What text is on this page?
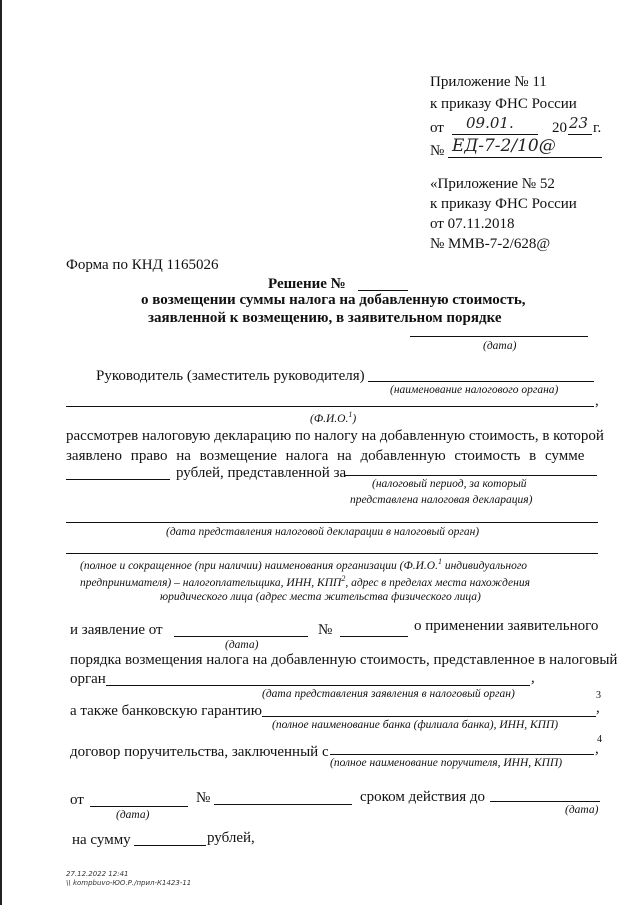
Приложение № 11
к приказу ФНС России
от 09.01.	20 23 г.
№ ЕД-7-2/10@
«Приложение № 52
к приказу ФНС России
от 07.11.2018
№ ММВ-7-2/628@
Форма по КНД 1165026
Решение №
о возмещении суммы налога на добавленную стоимость,
заявленной к возмещению, в заявительном порядке
(дата)
Руководитель (заместитель руководителя)
(наименование налогового органа)
,
(Ф.И.О.$^1$)
рассмотрев налоговую декларацию по налогу на добавленную стоимость, в которой
заявлено право на возмещение налога на добавленную стоимость в сумме
рублей, представленной за
(налоговый период, за который
представлена налоговая декларация)
(дата представления налоговой декларации в налоговый орган)
(полное и сокращенное (при наличии) наименования организации (Ф.И.О.$^1$ индивидуального
предпринимателя) – налогоплательщика, ИНН, КПП$^2$, адрес в пределах места нахождения
юридического лица (адрес места жительства физического лица)
и заявление от
(дата)
№	о применении заявительного
порядка возмещения налога на добавленную стоимость, представленное в налоговый
орган	,
(дата представления заявления в налоговый орган)
а также банковскую гарантию
3
,
(полное наименование банка (филиала банка), ИНН, КПП)
договор поручительства, заключенный с
4
,
(полное наименование поручителя, ИНН, КПП)
от
(дата)
№	сроком действия до
(дата)
на сумму	рублей,
27.12.2022 12:41
\\ kompbuvo-ЮО.Р./прил-К1423-11
